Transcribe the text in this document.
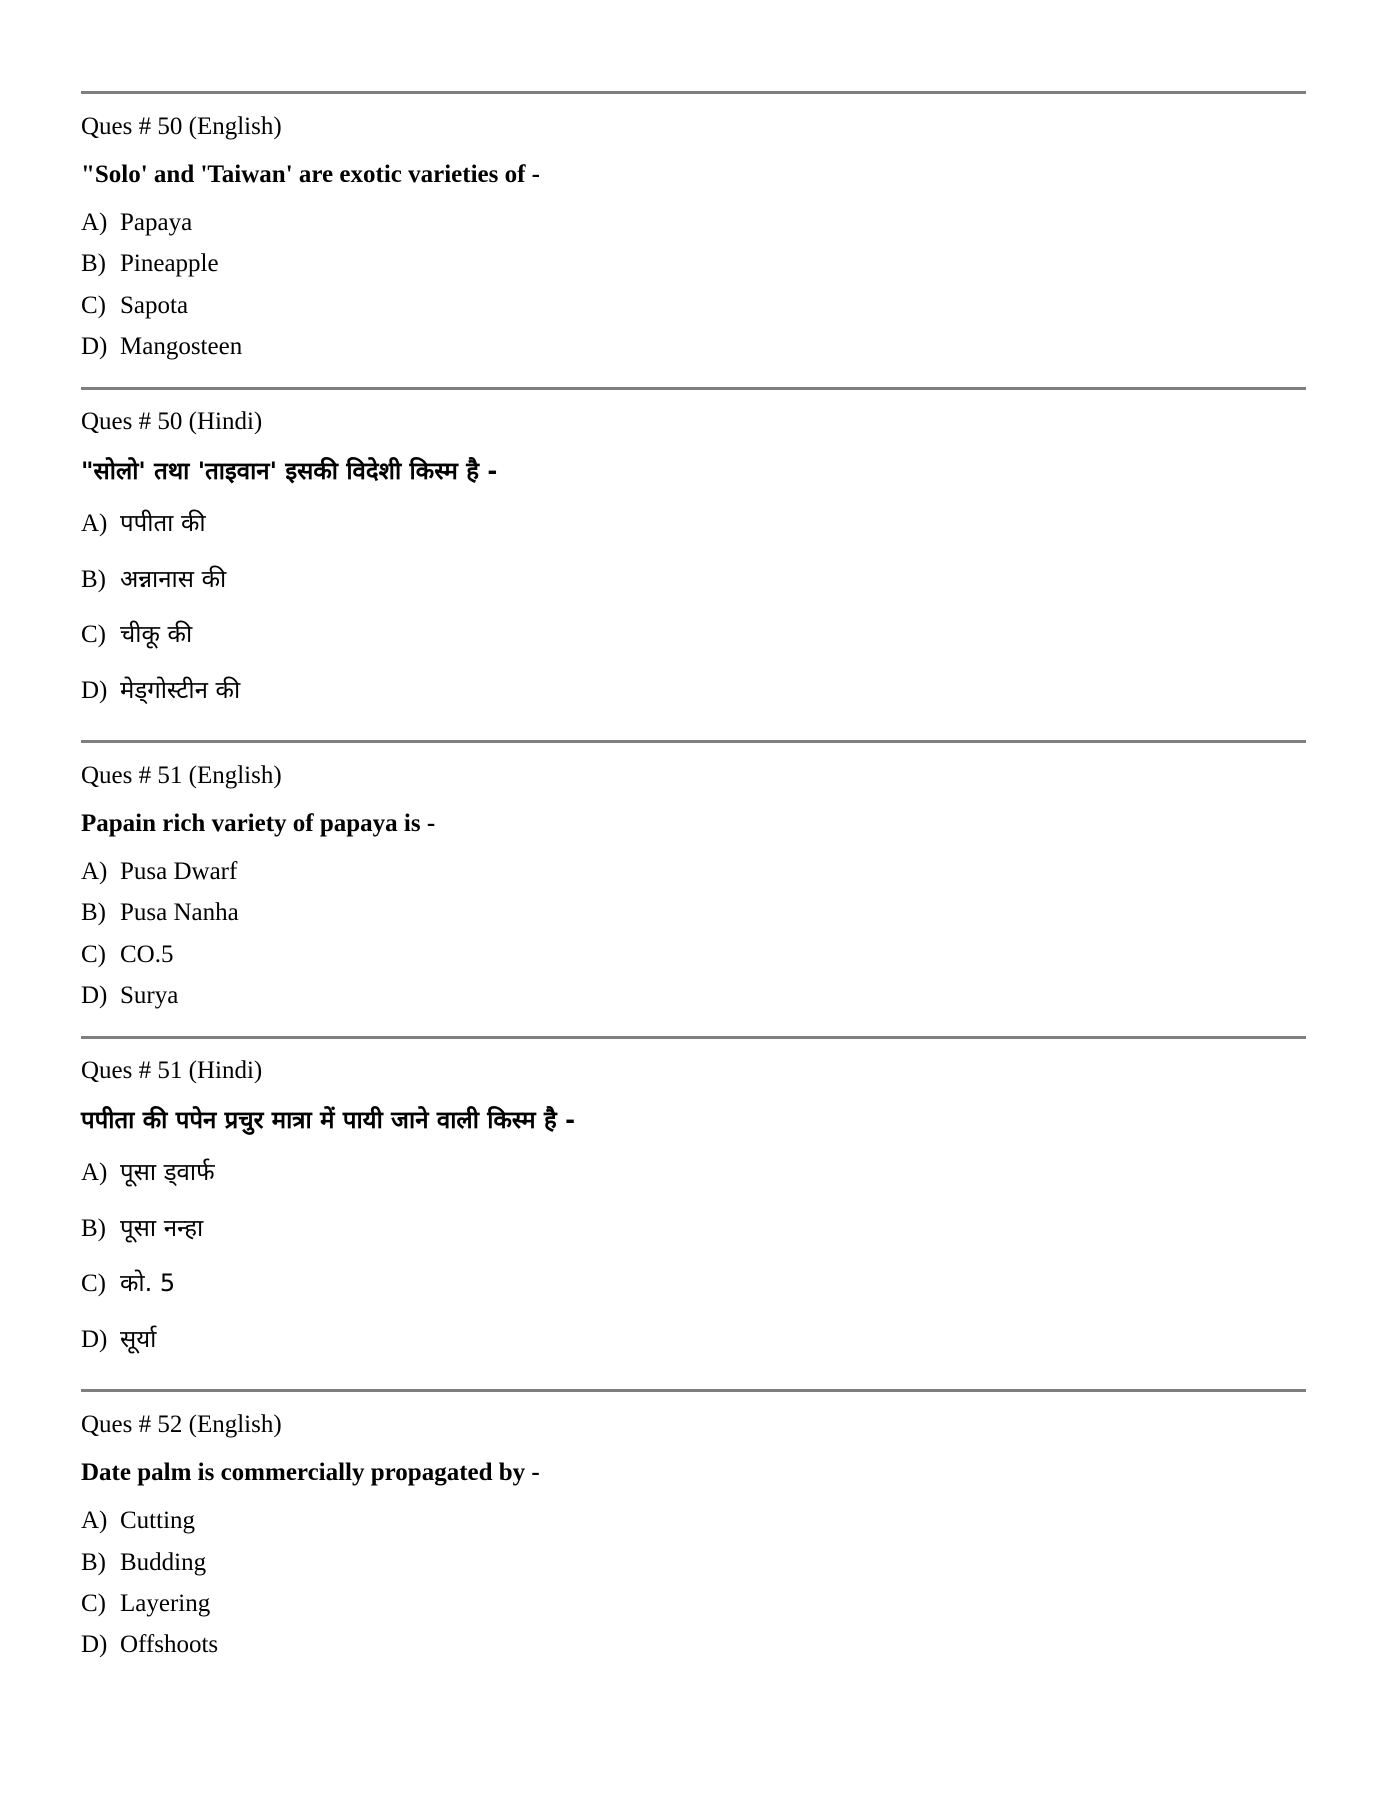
Ques # 50 (English)
"Solo' and 'Taiwan' are exotic varieties of -
A) Papaya
B) Pineapple
C) Sapota
D) Mangosteen
Ques # 50 (Hindi)
"सोलो' तथा 'ताइवान' इसकी विदेशी किस्म है -
A) पपीता की
B) अन्नानास की
C) चीकू की
D) मेड्गोस्टीन की
Ques # 51 (English)
Papain rich variety of papaya is -
A) Pusa Dwarf
B) Pusa Nanha
C) CO.5
D) Surya
Ques # 51 (Hindi)
पपीता की पपेन प्रचुर मात्रा में पायी जाने वाली किस्म है -
A) पूसा ड्वार्फ
B) पूसा नन्हा
C) को. 5
D) सूर्या
Ques # 52 (English)
Date palm is commercially propagated by -
A) Cutting
B) Budding
C) Layering
D) Offshoots
